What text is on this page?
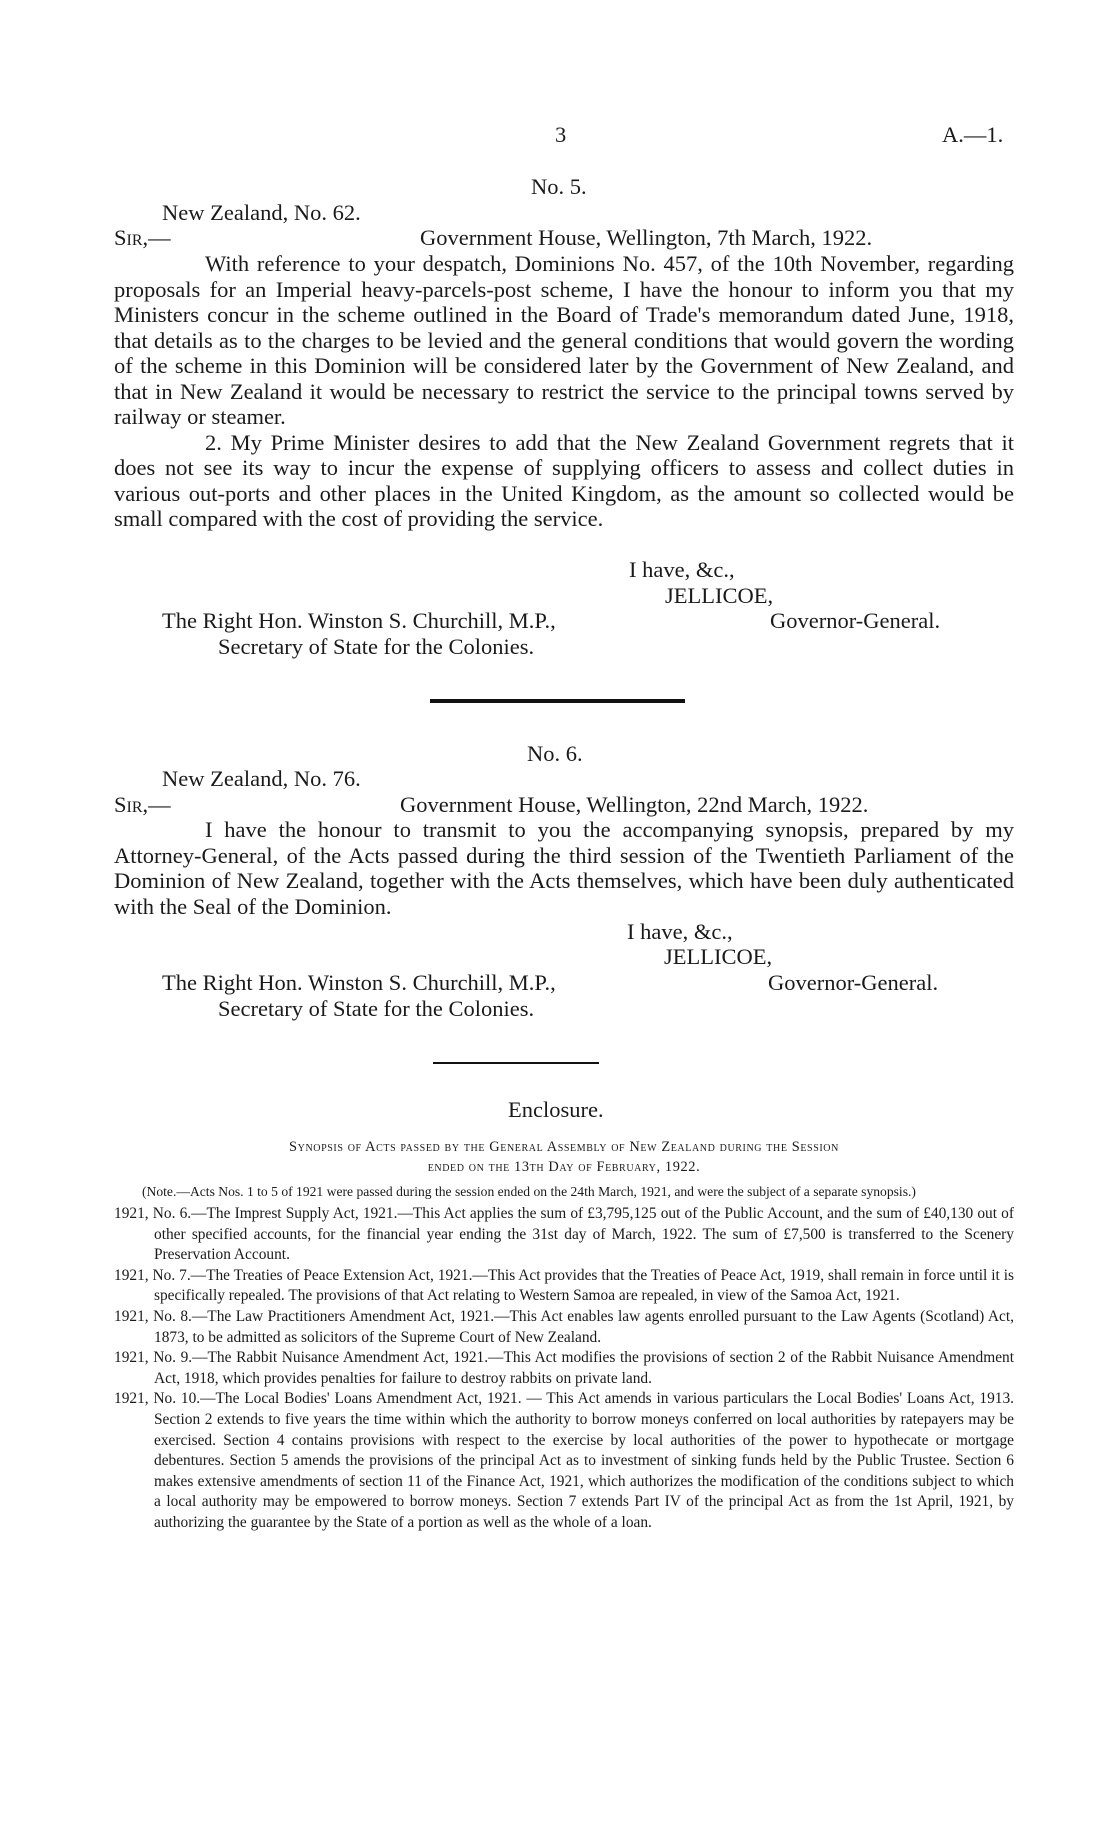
3	A.—1.
No. 5.
New Zealand, No. 62.
Sir,—	Government House, Wellington, 7th March, 1922.

With reference to your despatch, Dominions No. 457, of the 10th November, regarding proposals for an Imperial heavy-parcels-post scheme, I have the honour to inform you that my Ministers concur in the scheme outlined in the Board of Trade's memorandum dated June, 1918, that details as to the charges to be levied and the general conditions that would govern the wording of the scheme in this Dominion will be considered later by the Government of New Zealand, and that in New Zealand it would be necessary to restrict the service to the principal towns served by railway or steamer.

2. My Prime Minister desires to add that the New Zealand Government regrets that it does not see its way to incur the expense of supplying officers to assess and collect duties in various out-ports and other places in the United Kingdom, as the amount so collected would be small compared with the cost of providing the service.

I have, &c.,
JELLICOE,
The Right Hon. Winston S. Churchill, M.P.,	Governor-General.
Secretary of State for the Colonies.
No. 6.
New Zealand, No. 76.
Sir,—	Government House, Wellington, 22nd March, 1922.

I have the honour to transmit to you the accompanying synopsis, prepared by my Attorney-General, of the Acts passed during the third session of the Twentieth Parliament of the Dominion of New Zealand, together with the Acts themselves, which have been duly authenticated with the Seal of the Dominion.

I have, &c.,
JELLICOE,
The Right Hon. Winston S. Churchill, M.P.,	Governor-General.
Secretary of State for the Colonies.
Enclosure.

Synopsis of Acts passed by the General Assembly of New Zealand during the Session

ended on the 13th Day of February, 1922.

(Note.—Acts Nos. 1 to 5 of 1921 were passed during the session ended on the 24th March, 1921, and were the subject of a separate synopsis.)

1921, No. 6.—The Imprest Supply Act, 1921.—This Act applies the sum of £3,795,125 out of the Public Account, and the sum of £40,130 out of other specified accounts, for the financial year ending the 31st day of March, 1922. The sum of £7,500 is transferred to the Scenery Preservation Account.

1921, No. 7.—The Treaties of Peace Extension Act, 1921.—This Act provides that the Treaties of Peace Act, 1919, shall remain in force until it is specifically repealed. The provisions of that Act relating to Western Samoa are repealed, in view of the Samoa Act, 1921.

1921, No. 8.—The Law Practitioners Amendment Act, 1921.—This Act enables law agents enrolled pursuant to the Law Agents (Scotland) Act, 1873, to be admitted as solicitors of the Supreme Court of New Zealand.

1921, No. 9.—The Rabbit Nuisance Amendment Act, 1921.—This Act modifies the provisions of section 2 of the Rabbit Nuisance Amendment Act, 1918, which provides penalties for failure to destroy rabbits on private land.

1921, No. 10.—The Local Bodies' Loans Amendment Act, 1921. — This Act amends in various particulars the Local Bodies' Loans Act, 1913. Section 2 extends to five years the time within which the authority to borrow moneys conferred on local authorities by ratepayers may be exercised. Section 4 contains provisions with respect to the exercise by local authorities of the power to hypothecate or mortgage debentures. Section 5 amends the provisions of the principal Act as to investment of sinking funds held by the Public Trustee. Section 6 makes extensive amendments of section 11 of the Finance Act, 1921, which authorizes the modification of the conditions subject to which a local authority may be empowered to borrow moneys. Section 7 extends Part IV of the principal Act as from the 1st April, 1921, by authorizing the guarantee by the State of a portion as well as the whole of a loan.
